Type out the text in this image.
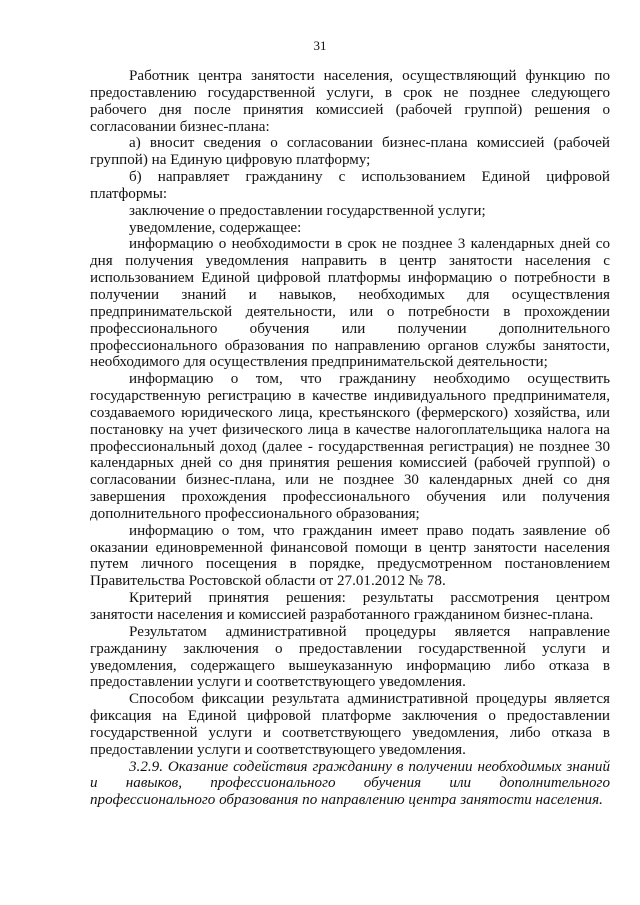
31

Работник центра занятости населения, осуществляющий функцию по предоставлению государственной услуги, в срок не позднее следующего рабочего дня после принятия комиссией (рабочей группой) решения о согласовании бизнес-плана:

а) вносит сведения о согласовании бизнес-плана комиссией (рабочей группой) на Единую цифровую платформу;

б) направляет гражданину с использованием Единой цифровой платформы:

заключение о предоставлении государственной услуги;

уведомление, содержащее:

информацию о необходимости в срок не позднее 3 календарных дней со дня получения уведомления направить в центр занятости населения с использованием Единой цифровой платформы информацию о потребности в получении знаний и навыков, необходимых для осуществления предпринимательской деятельности, или о потребности в прохождении профессионального обучения или получении дополнительного профессионального образования по направлению органов службы занятости, необходимого для осуществления предпринимательской деятельности;

информацию о том, что гражданину необходимо осуществить государственную регистрацию в качестве индивидуального предпринимателя, создаваемого юридического лица, крестьянского (фермерского) хозяйства, или постановку на учет физического лица в качестве налогоплательщика налога на профессиональный доход (далее - государственная регистрация) не позднее 30 календарных дней со дня принятия решения комиссией (рабочей группой) о согласовании бизнес-плана, или не позднее 30 календарных дней со дня завершения прохождения профессионального обучения или получения дополнительного профессионального образования;

информацию о том, что гражданин имеет право подать заявление об оказании единовременной финансовой помощи в центр занятости населения путем личного посещения в порядке, предусмотренном постановлением Правительства Ростовской области от 27.01.2012 № 78.

Критерий принятия решения: результаты рассмотрения центром занятости населения и комиссией разработанного гражданином бизнес-плана.

Результатом административной процедуры является направление гражданину заключения о предоставлении государственной услуги и уведомления, содержащего вышеуказанную информацию либо отказа в предоставлении услуги и соответствующего уведомления.

Способом фиксации результата административной процедуры является фиксация на Единой цифровой платформе заключения о предоставлении государственной услуги и соответствующего уведомления, либо отказа в предоставлении услуги и соответствующего уведомления.

3.2.9. Оказание содействия гражданину в получении необходимых знаний и навыков, профессионального обучения или дополнительного профессионального образования по направлению центра занятости населения.
